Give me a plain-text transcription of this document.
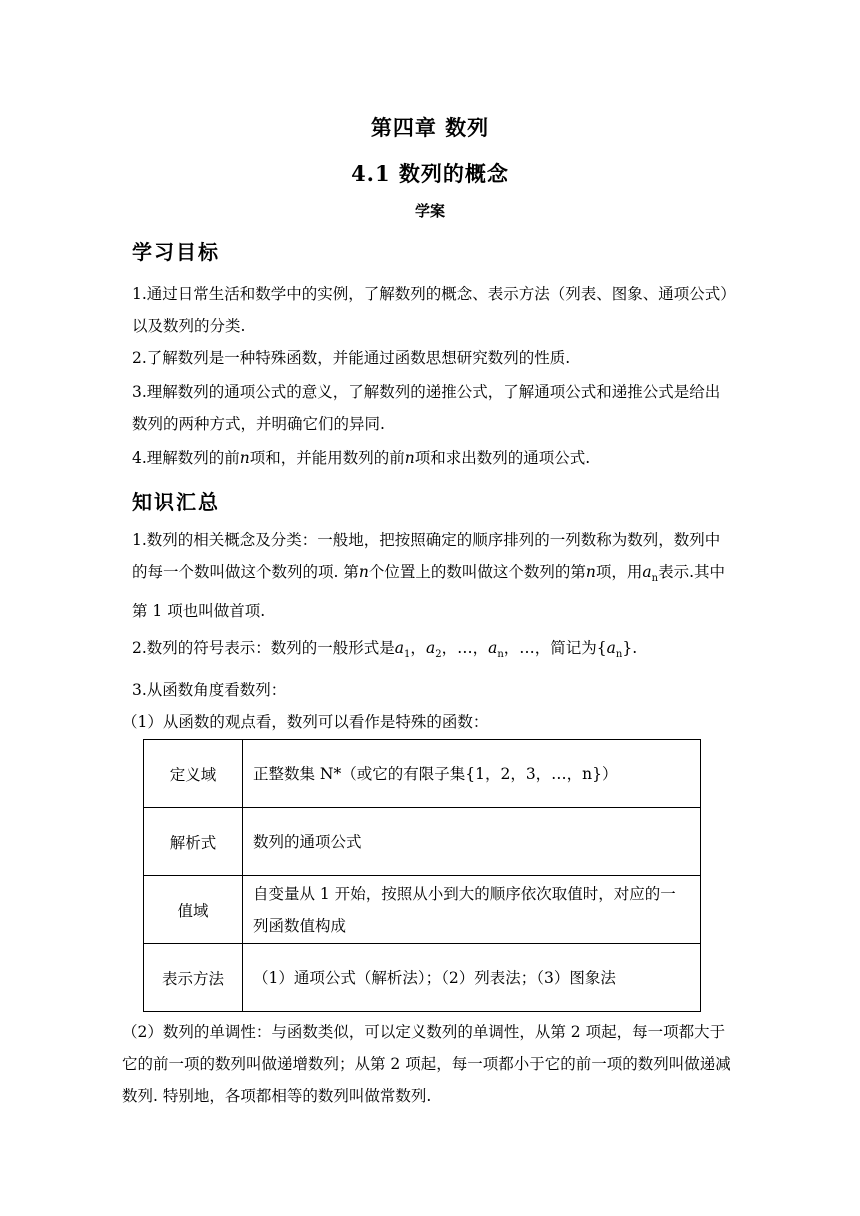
第四章 数列
4.1 数列的概念
学案
学习目标
1.通过日常生活和数学中的实例，了解数列的概念、表示方法（列表、图象、通项公式）以及数列的分类.
2.了解数列是一种特殊函数，并能通过函数思想研究数列的性质.
3.理解数列的通项公式的意义，了解数列的递推公式，了解通项公式和递推公式是给出数列的两种方式，并明确它们的异同.
4.理解数列的前n项和，并能用数列的前n项和求出数列的通项公式.
知识汇总
1.数列的相关概念及分类：一般地，把按照确定的顺序排列的一列数称为数列，数列中的每一个数叫做这个数列的项. 第n个位置上的数叫做这个数列的第n项，用$a_n$表示.其中第 1 项也叫做首项.
2.数列的符号表示：数列的一般形式是$a_1$，$a_2$，…，$a_n$，…，简记为$\{a_n\}$.
3.从函数角度看数列：
（1）从函数的观点看，数列可以看作是特殊的函数：
定义域	正整数集 N*（或它的有限子集{1，2，3，…，n}）
解析式	数列的通项公式
值域	自变量从 1 开始，按照从小到大的顺序依次取值时，对应的一列函数值构成
表示方法	（1）通项公式（解析法）；（2）列表法；（3）图象法
（2）数列的单调性：与函数类似，可以定义数列的单调性，从第 2 项起，每一项都大于它的前一项的数列叫做递增数列；从第 2 项起，每一项都小于它的前一项的数列叫做递减数列. 特别地，各项都相等的数列叫做常数列.
